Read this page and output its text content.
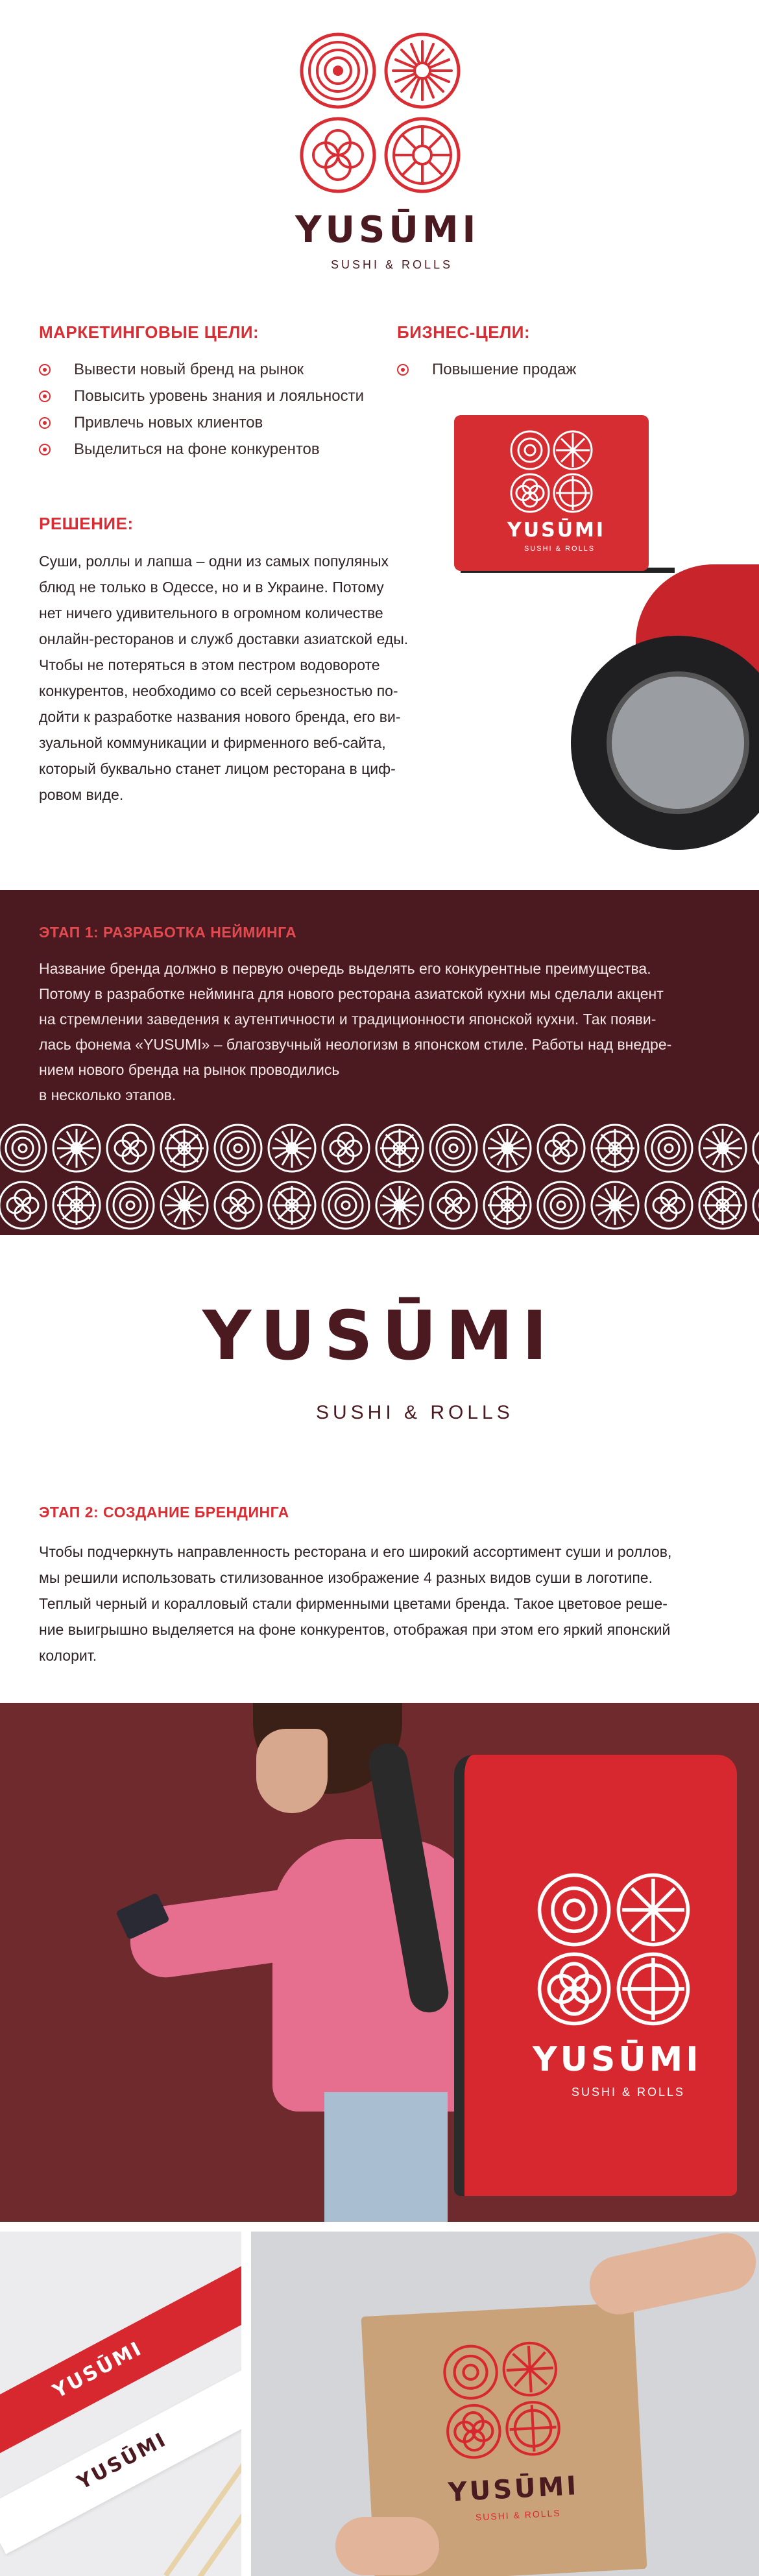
YUSŪMI
SUSHI & ROLLS
МАРКЕТИНГОВЫЕ ЦЕЛИ:
Вывести новый бренд на рынок
Повысить уровень знания и лояльности
Привлечь новых клиентов
Выделиться на фоне конкурентов
БИЗНЕС-ЦЕЛИ:
Повышение продаж
РЕШЕНИЕ:
Суши, роллы и лапша – одни из самых популяных
блюд не только в Одессе, но и в Украине. Потому
нет ничего удивительного в огромном количестве
онлайн-ресторанов и служб доставки азиатской еды.
Чтобы не потеряться в этом пестром водовороте
конкурентов, необходимо со всей серьезностью по-
дойти к разработке названия нового бренда, его ви-
зуальной коммуникации и фирменного веб-сайта,
который буквально станет лицом ресторана в циф-
ровом виде.
YUSŪMI
SUSHI & ROLLS
ЭТАП 1: РАЗРАБОТКА НЕЙМИНГА
Название бренда должно в первую очередь выделять его конкурентные преимущества.
Потому в разработке нейминга для нового ресторана азиатской кухни мы сделали акцент
на стремлении заведения к аутентичности и традиционности японской кухни. Так появи-
лась фонема «YUSUMI» – благозвучный неологизм в японском стиле. Работы над внедре-
нием нового бренда на рынок проводились
в несколько этапов.
YUSŪMI
SUSHI & ROLLS
ЭТАП 2: СОЗДАНИЕ БРЕНДИНГА
Чтобы подчеркнуть направленность ресторана и его широкий ассортимент суши и роллов,
мы решили использовать стилизованное изображение 4 разных видов суши в логотипе.
Теплый черный и коралловый стали фирменными цветами бренда. Такое цветовое реше-
ние выигрышно выделяется на фоне конкурентов, отображая при этом его яркий японский
колорит.
YUSŪMI
SUSHI & ROLLS
YUSŪMI
YUSŪMI	YUSŪMI
SUSHI & ROLLS
